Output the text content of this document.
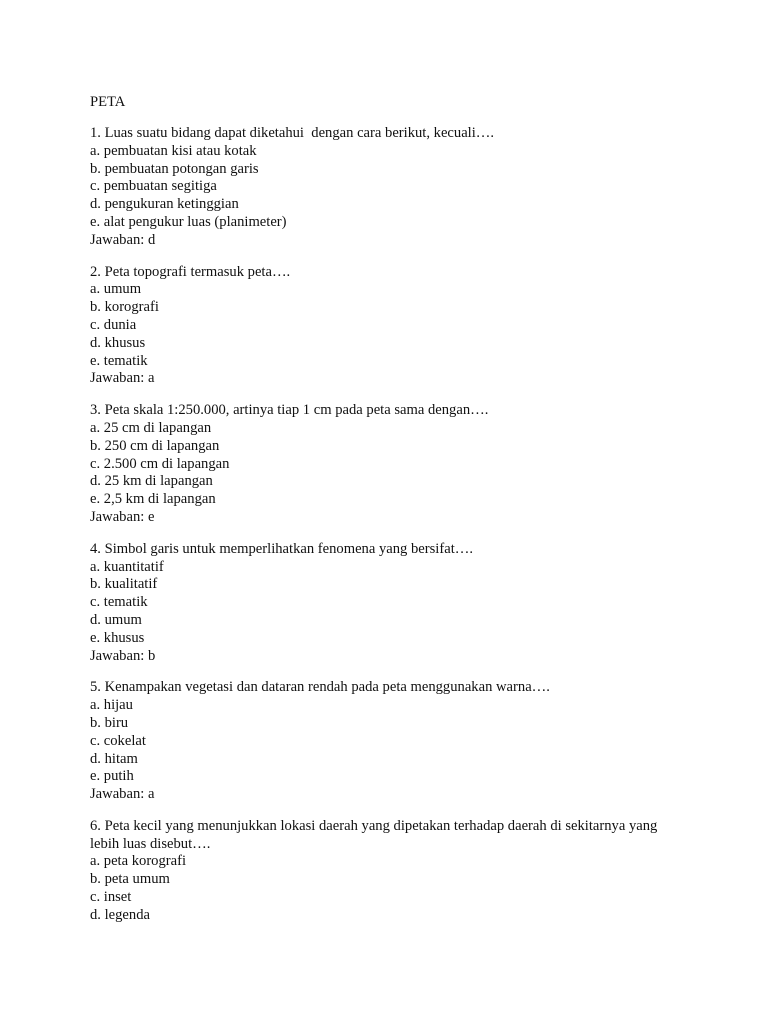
PETA
1. Luas suatu bidang dapat diketahui  dengan cara berikut, kecuali….
a. pembuatan kisi atau kotak
b. pembuatan potongan garis
c. pembuatan segitiga
d. pengukuran ketinggian
e. alat pengukur luas (planimeter)
Jawaban: d
2. Peta topografi termasuk peta….
a. umum
b. korografi
c. dunia
d. khusus
e. tematik
Jawaban: a
3. Peta skala 1:250.000, artinya tiap 1 cm pada peta sama dengan….
a. 25 cm di lapangan
b. 250 cm di lapangan
c. 2.500 cm di lapangan
d. 25 km di lapangan
e. 2,5 km di lapangan
Jawaban: e
4. Simbol garis untuk memperlihatkan fenomena yang bersifat….
a. kuantitatif
b. kualitatif
c. tematik
d. umum
e. khusus
Jawaban: b
5. Kenampakan vegetasi dan dataran rendah pada peta menggunakan warna….
a. hijau
b. biru
c. cokelat
d. hitam
e. putih
Jawaban: a
6. Peta kecil yang menunjukkan lokasi daerah yang dipetakan terhadap daerah di sekitarnya yang lebih luas disebut….
a. peta korografi
b. peta umum
c. inset
d. legenda
